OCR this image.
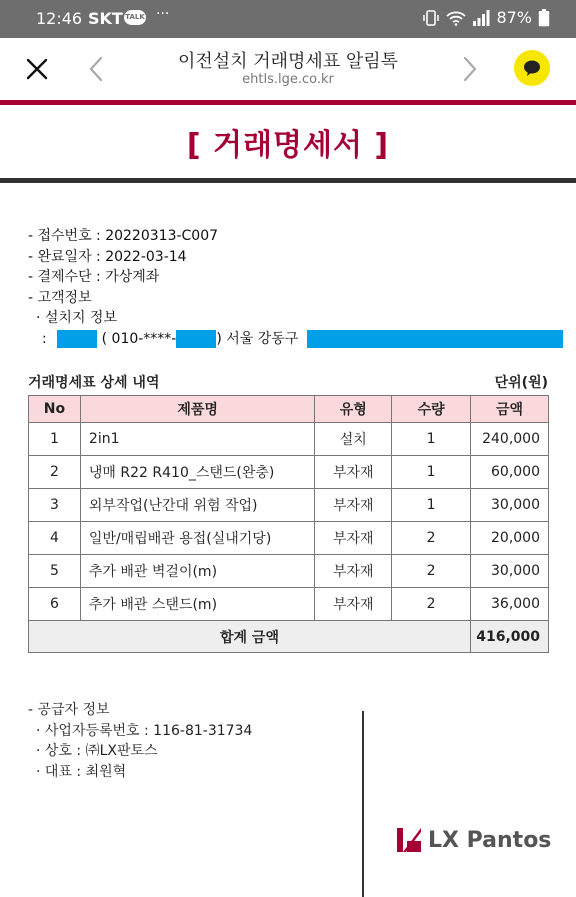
12:46 SKT TALK ···	87%
이전설치 거래명세표 알림톡
ehtls.lge.co.kr
[ 거래명세서 ]
- 접수번호 : 20220313-C007
- 완료일자 : 2022-03-14
- 결제수단 : 가상계좌
- 고객정보
· 설치지 정보
:	( 010-****-	) 서울 강동구
거래명세표 상세 내역	단위(원)
No	제품명	유형	수량	금액
1	2in1	설치	1	240,000
2	냉매 R22 R410_스탠드(완충)	부자재	1	60,000
3	외부작업(난간대 위험 작업)	부자재	1	30,000
4	일반/매립배관 용접(실내기당)	부자재	2	20,000
5	추가 배관 벽걸이(m)	부자재	2	30,000
6	추가 배관 스탠드(m)	부자재	2	36,000
합계 금액				416,000
- 공급자 정보
· 사업자등록번호 : 116-81-31734
· 상호 : ㈜LX판토스
· 대표 : 최원혁
LX Pantos
